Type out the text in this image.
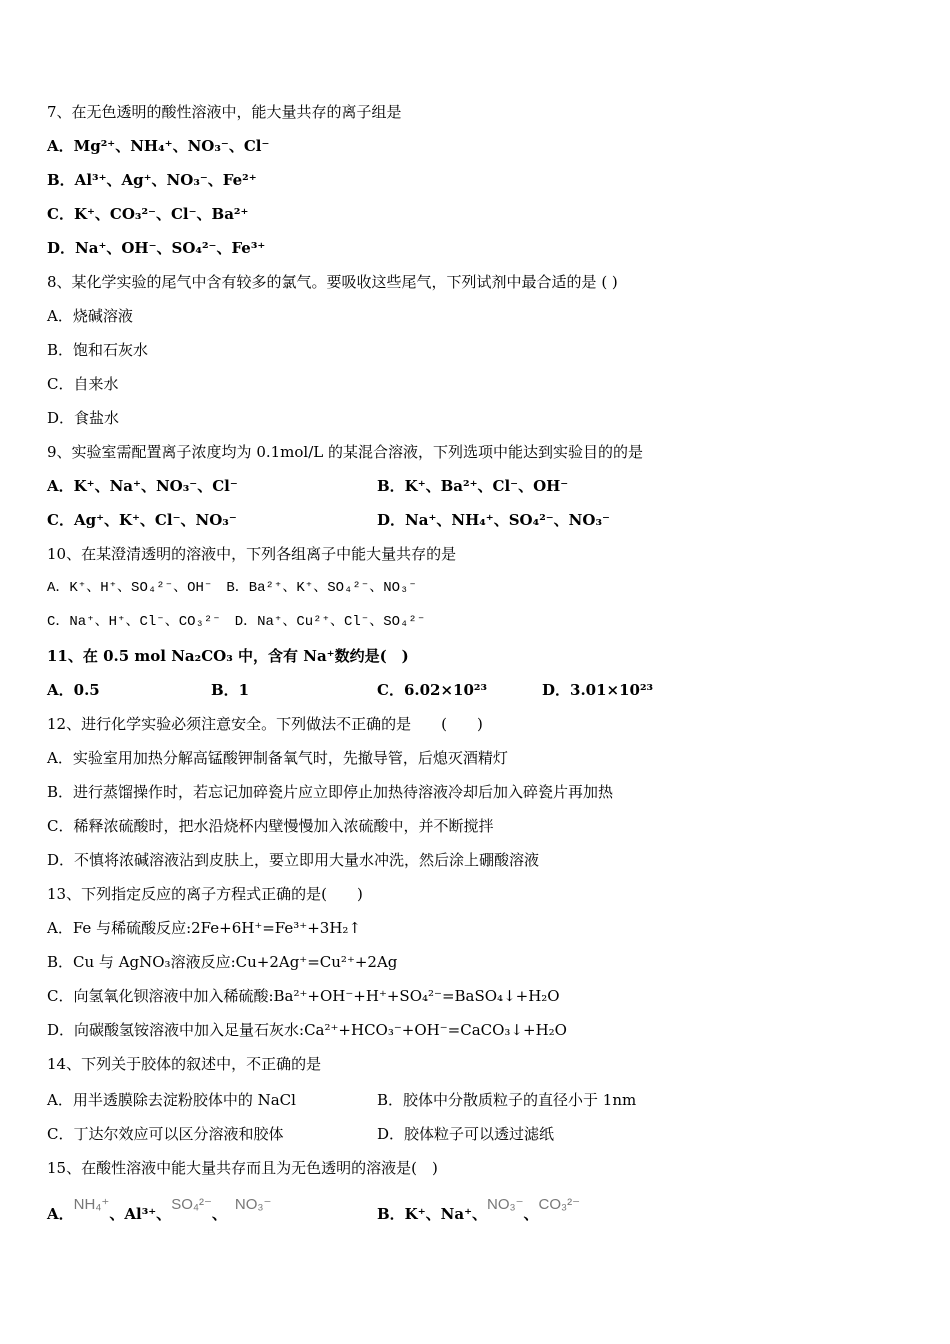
7、在无色透明的酸性溶液中，能大量共存的离子组是
A．Mg²⁺、NH₄⁺、NO₃⁻、Cl⁻
B．Al³⁺、Ag⁺、NO₃⁻、Fe²⁺
C．K⁺、CO₃²⁻、Cl⁻、Ba²⁺
D．Na⁺、OH⁻、SO₄²⁻、Fe³⁺
8、某化学实验的尾气中含有较多的氯气。要吸收这些尾气，下列试剂中最合适的是 ( )
A．烧碱溶液
B．饱和石灰水
C．自来水
D．食盐水
9、实验室需配置离子浓度均为 0.1mol/L 的某混合溶液，下列选项中能达到实验目的的是
A．K⁺、Na⁺、NO₃⁻、Cl⁻	B．K⁺、Ba²⁺、Cl⁻、OH⁻
C．Ag⁺、K⁺、Cl⁻、NO₃⁻	D．Na⁺、NH₄⁺、SO₄²⁻、NO₃⁻
10、在某澄清透明的溶液中，下列各组离子中能大量共存的是
A．K⁺、H⁺、SO₄²⁻、OH⁻　B．Ba²⁺、K⁺、SO₄²⁻、NO₃⁻
C．Na⁺、H⁺、Cl⁻、CO₃²⁻　D．Na⁺、Cu²⁺、Cl⁻、SO₄²⁻
11、在 0.5 mol Na₂CO₃ 中，含有 Na⁺数约是(　)
A．0.5	B．1	C．6.02×10²³	D．3.01×10²³
12、进行化学实验必须注意安全。下列做法不正确的是　　(　　)
A．实验室用加热分解高锰酸钾制备氧气时，先撤导管，后熄灭酒精灯
B．进行蒸馏操作时，若忘记加碎瓷片应立即停止加热待溶液冷却后加入碎瓷片再加热
C．稀释浓硫酸时，把水沿烧杯内壁慢慢加入浓硫酸中，并不断搅拌
D．不慎将浓碱溶液沾到皮肤上，要立即用大量水冲洗，然后涂上硼酸溶液
13、下列指定反应的离子方程式正确的是(　　)
A．Fe 与稀硫酸反应:2Fe+6H⁺=Fe³⁺+3H₂↑
B．Cu 与 AgNO₃溶液反应:Cu+2Ag⁺=Cu²⁺+2Ag
C．向氢氧化钡溶液中加入稀硫酸:Ba²⁺+OH⁻+H⁺+SO₄²⁻=BaSO₄↓+H₂O
D．向碳酸氢铵溶液中加入足量石灰水:Ca²⁺+HCO₃⁻+OH⁻=CaCO₃↓+H₂O
14、下列关于胶体的叙述中，不正确的是
A．用半透膜除去淀粉胶体中的 NaCl	B．胶体中分散质粒子的直径小于 1nm
C．丁达尔效应可以区分溶液和胶体	D．胶体粒子可以透过滤纸
15、在酸性溶液中能大量共存而且为无色透明的溶液是(　)
A．NH₄⁺、Al³⁺、SO₄²⁻、NO₃⁻
B．K⁺、Na⁺、NO₃⁻、CO₃²⁻
